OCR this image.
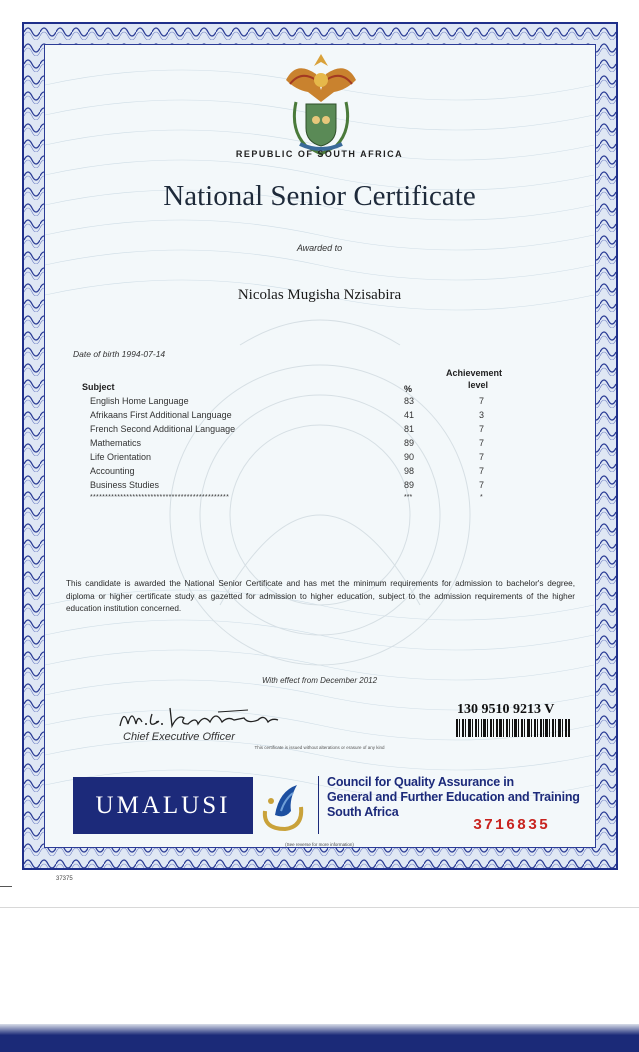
REPUBLIC OF SOUTH AFRICA
National Senior Certificate
Awarded to
Nicolas Mugisha Nzisabira
Date of birth 1994-07-14
Subject	%
Achievement
level
English Home Language	83	7
Afrikaans First Additional Language	41	3
French Second Additional Language	81	7
Mathematics	89	7
Life Orientation	90	7
Accounting	98	7
Business Studies	89	7
**********************************************	***	*
This candidate is awarded the National Senior Certificate and has met the minimum requirements for admission to bachelor's degree, diploma or higher certificate study as gazetted for admission to higher education, subject to the admission requirements of the higher education institution concerned.
With effect from December 2012
Chief Executive Officer
This certificate is issued without alterations or erasure of any kind
130 9510 9213 V
UMALUSI
Council for Quality Assurance in
General and Further Education and Training
South Africa
3716835
(See reverse for more information)
37375
